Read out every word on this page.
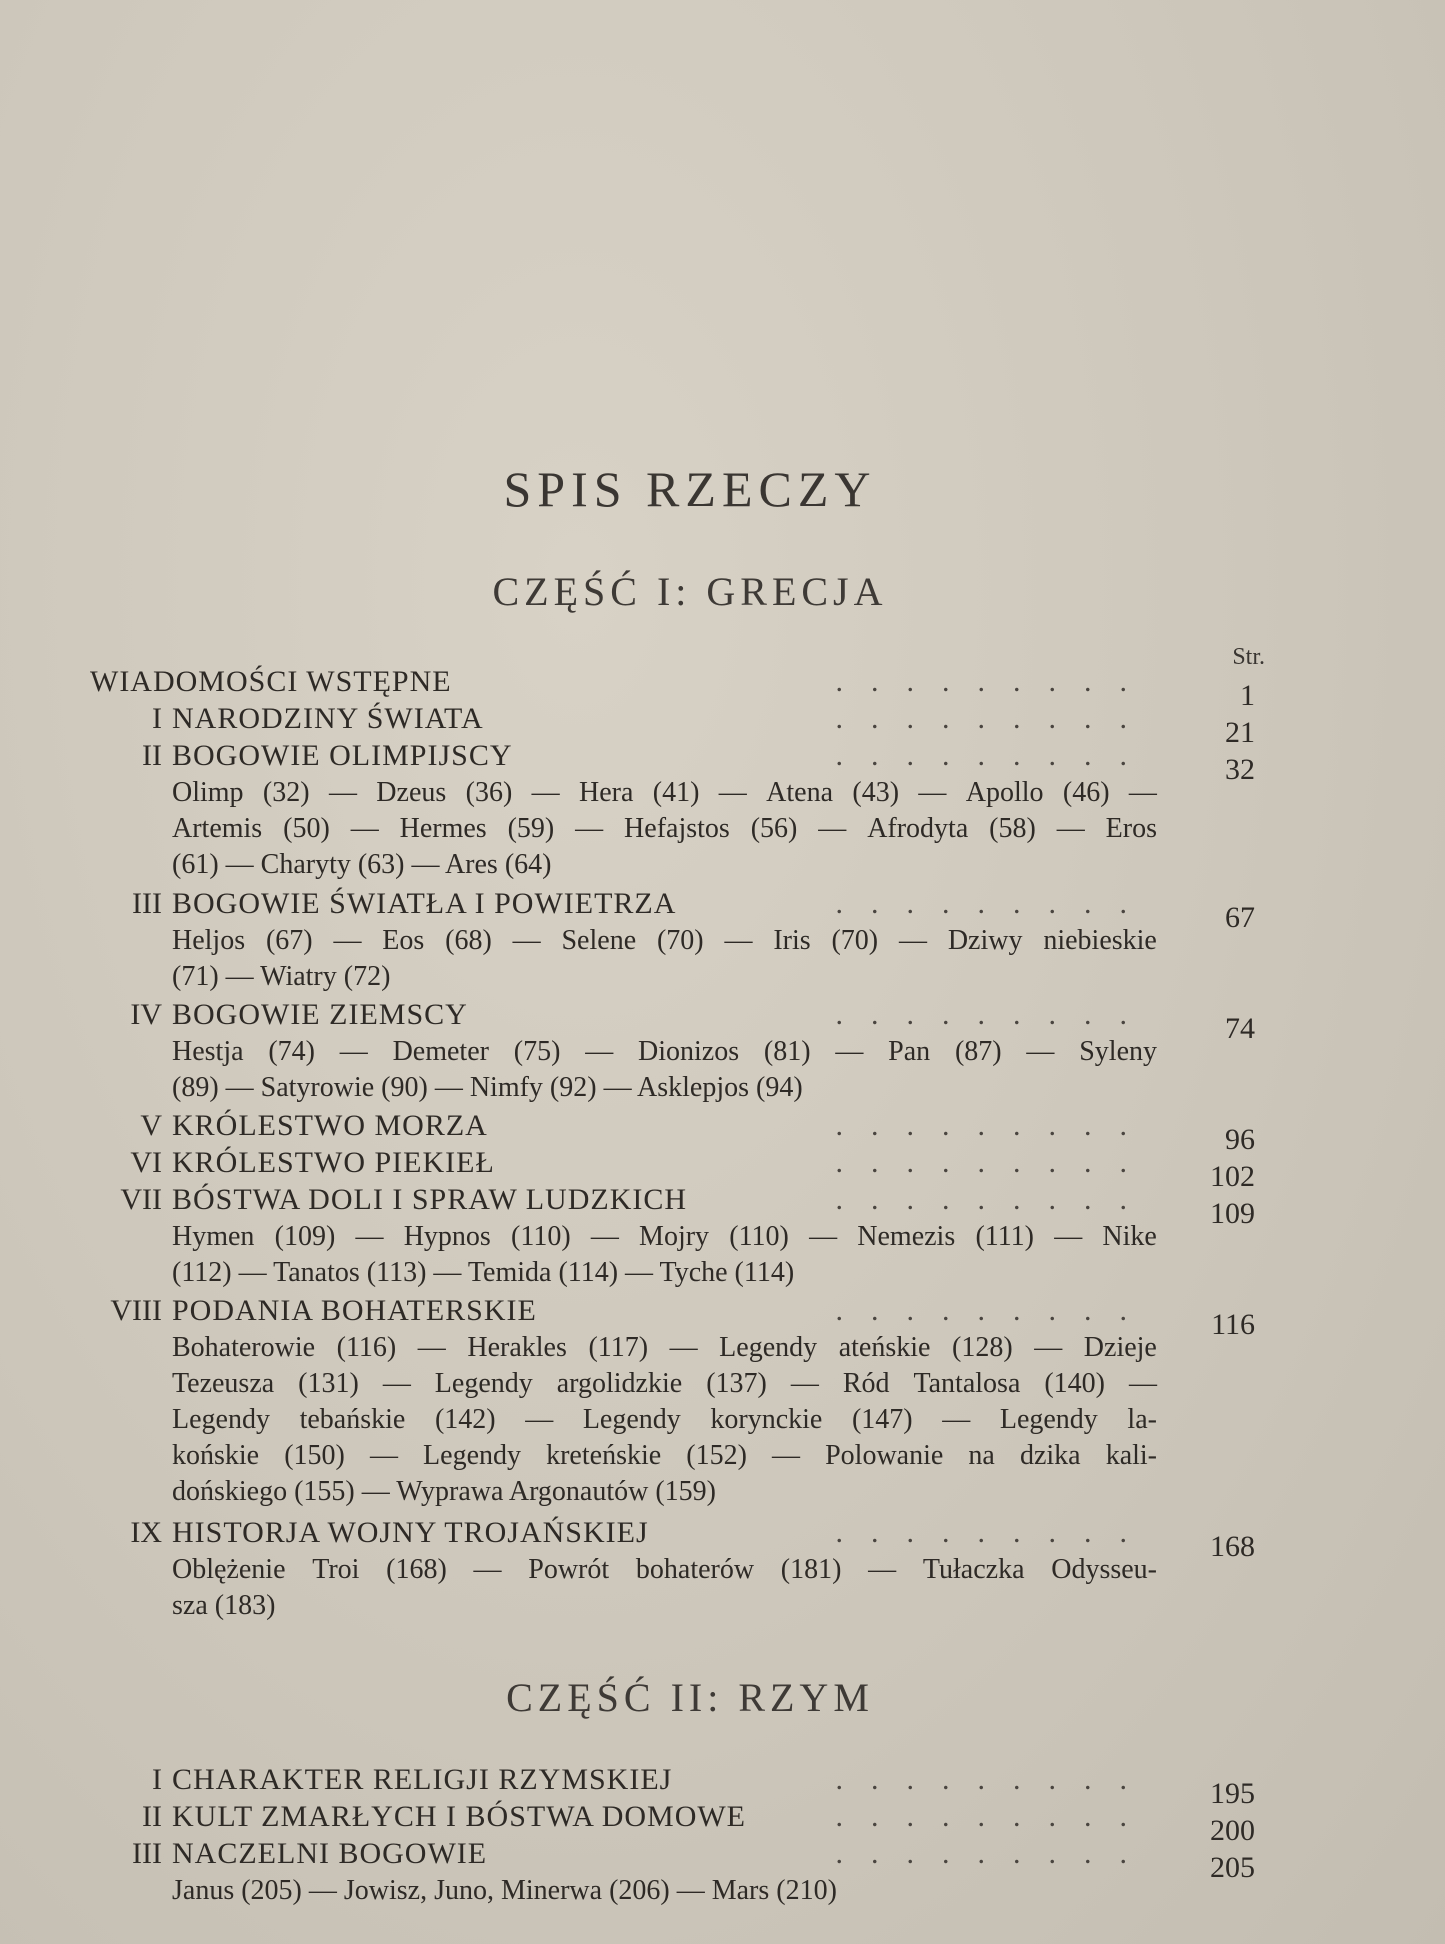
SPIS RZECZY
CZĘŚĆ I: GRECJA
Str.
WIADOMOŚCI WSTĘPNE	.........	1
I NARODZINY ŚWIATA	.........	21
II BOGOWIE OLIMPIJSCY	.........	32
Olimp (32) — Dzeus (36) — Hera (41) — Atena (43) — Apollo (46) —
Artemis (50) — Hermes (59) — Hefajstos (56) — Afrodyta (58) — Eros
(61) — Charyty (63) — Ares (64)
III BOGOWIE ŚWIATŁA I POWIETRZA	.........	67
Heljos (67) — Eos (68) — Selene (70) — Iris (70) — Dziwy niebieskie
(71) — Wiatry (72)
IV BOGOWIE ZIEMSCY	.........	74
Hestja (74) — Demeter (75) — Dionizos (81) — Pan (87) — Syleny
(89) — Satyrowie (90) — Nimfy (92) — Asklepjos (94)
V KRÓLESTWO MORZA	.........	96
VI KRÓLESTWO PIEKIEŁ	.........	102
VII BÓSTWA DOLI I SPRAW LUDZKICH	.........	109
Hymen (109) — Hypnos (110) — Mojry (110) — Nemezis (111) — Nike
(112) — Tanatos (113) — Temida (114) — Tyche (114)
VIII PODANIA BOHATERSKIE	.........	116
Bohaterowie (116) — Herakles (117) — Legendy ateńskie (128) — Dzieje
Tezeusza (131) — Legendy argolidzkie (137) — Ród Tantalosa (140) —
Legendy tebańskie (142) — Legendy korynckie (147) — Legendy la-
końskie (150) — Legendy kreteńskie (152) — Polowanie na dzika kali-
dońskiego (155) — Wyprawa Argonautów (159)
IX HISTORJA WOJNY TROJAŃSKIEJ	.........	168
Oblężenie Troi (168) — Powrót bohaterów (181) — Tułaczka Odysseu-
sza (183)
CZĘŚĆ II: RZYM
I CHARAKTER RELIGJI RZYMSKIEJ	.........	195
II KULT ZMARŁYCH I BÓSTWA DOMOWE	.........	200
III NACZELNI BOGOWIE	.........	205
Janus (205) — Jowisz, Juno, Minerwa (206) — Mars (210)
